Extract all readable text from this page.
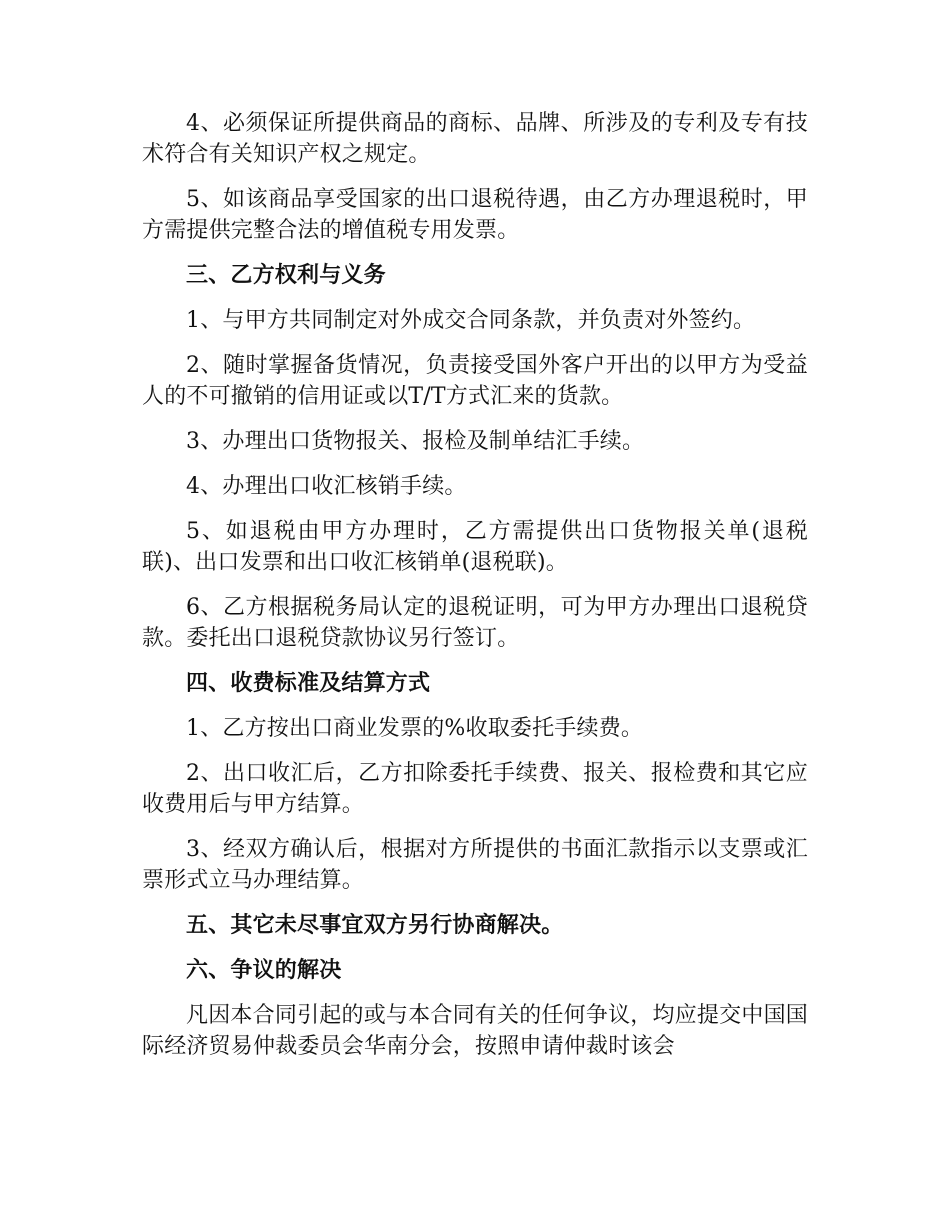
4、必须保证所提供商品的商标、品牌、所涉及的专利及专有技术符合有关知识产权之规定。

5、如该商品享受国家的出口退税待遇，由乙方办理退税时，甲方需提供完整合法的增值税专用发票。

三、乙方权利与义务

1、与甲方共同制定对外成交合同条款，并负责对外签约。

2、随时掌握备货情况，负责接受国外客户开出的以甲方为受益人的不可撤销的信用证或以T/T方式汇来的货款。

3、办理出口货物报关、报检及制单结汇手续。

4、办理出口收汇核销手续。

5、如退税由甲方办理时，乙方需提供出口货物报关单(退税联)、出口发票和出口收汇核销单(退税联)。

6、乙方根据税务局认定的退税证明，可为甲方办理出口退税贷款。委托出口退税贷款协议另行签订。

四、收费标准及结算方式

1、乙方按出口商业发票的%收取委托手续费。

2、出口收汇后，乙方扣除委托手续费、报关、报检费和其它应收费用后与甲方结算。

3、经双方确认后，根据对方所提供的书面汇款指示以支票或汇票形式立马办理结算。

五、其它未尽事宜双方另行协商解决。

六、争议的解决

凡因本合同引起的或与本合同有关的任何争议，均应提交中国国际经济贸易仲裁委员会华南分会，按照申请仲裁时该会
